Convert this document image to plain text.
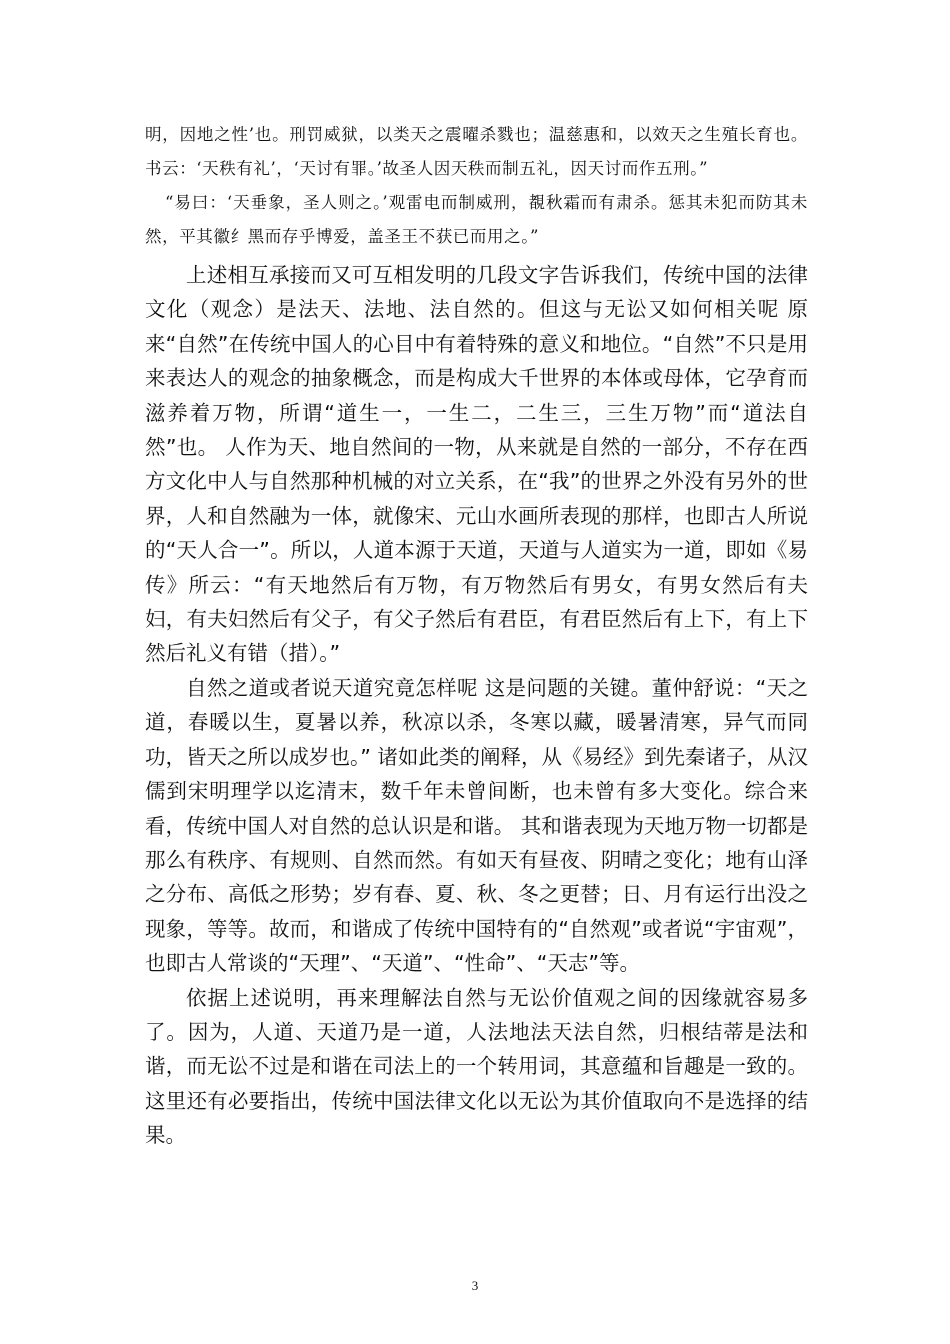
明，因地之性’也。刑罚威狱，以类天之震曜杀戮也；温慈惠和，以效天之生殖长育也。书云：‘天秩有礼’，‘天讨有罪。’故圣人因天秩而制五礼，因天讨而作五刑。”

“易曰：‘天垂象，圣人则之。’观雷电而制威刑，覩秋霜而有肃杀。惩其未犯而防其未然，平其徽纟黑而存乎博爱，盖圣王不获已而用之。”

上述相互承接而又可互相发明的几段文字告诉我们，传统中国的法律文化（观念）是法天、法地、法自然的。但这与无讼又如何相关呢 原来“自然”在传统中国人的心目中有着特殊的意义和地位。“自然”不只是用来表达人的观念的抽象概念，而是构成大千世界的本体或母体，它孕育而滋养着万物，所谓“道生一，一生二，二生三，三生万物”而“道法自然”也。 人作为天、地自然间的一物，从来就是自然的一部分，不存在西方文化中人与自然那种机械的对立关系，在“我”的世界之外没有另外的世界，人和自然融为一体，就像宋、元山水画所表现的那样，也即古人所说的“天人合一”。所以，人道本源于天道，天道与人道实为一道，即如《易传》所云：“有天地然后有万物，有万物然后有男女，有男女然后有夫妇，有夫妇然后有父子，有父子然后有君臣，有君臣然后有上下，有上下然后礼义有错（措）。”

自然之道或者说天道究竟怎样呢 这是问题的关键。董仲舒说：“天之道，春暖以生，夏暑以养，秋凉以杀，冬寒以藏，暖暑清寒，异气而同功，皆天之所以成岁也。” 诸如此类的阐释，从《易经》到先秦诸子，从汉儒到宋明理学以迄清末，数千年未曾间断，也未曾有多大变化。综合来看，传统中国人对自然的总认识是和谐。 其和谐表现为天地万物一切都是那么有秩序、有规则、自然而然。有如天有昼夜、阴晴之变化；地有山泽之分布、高低之形势；岁有春、夏、秋、冬之更替；日、月有运行出没之现象，等等。故而，和谐成了传统中国特有的“自然观”或者说“宇宙观”，也即古人常谈的“天理”、“天道”、“性命”、“天志”等。

依据上述说明，再来理解法自然与无讼价值观之间的因缘就容易多了。因为，人道、天道乃是一道，人法地法天法自然，归根结蒂是法和谐，而无讼不过是和谐在司法上的一个转用词，其意蕴和旨趣是一致的。这里还有必要指出，传统中国法律文化以无讼为其价值取向不是选择的结果。

3
